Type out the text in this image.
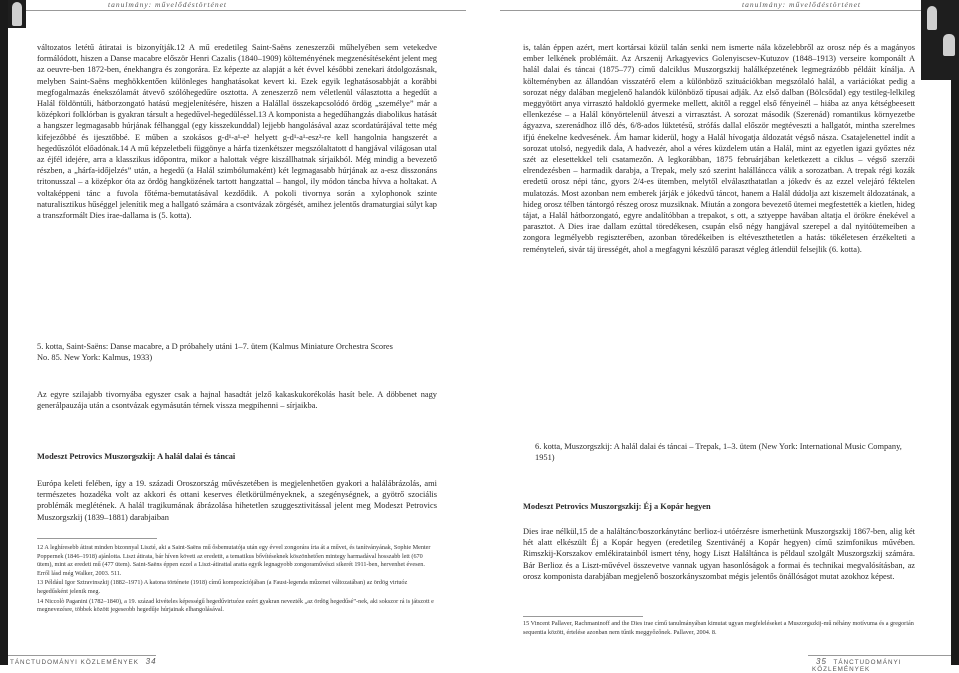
tanulmány: művelődéstörténet

változatos letétű átiratai is bizonyítják.12 A mű eredetileg Saint-Saëns zeneszerzői műhelyében sem vetekedve formálódott, hiszen a Danse macabre először Henri Cazalis (1840–1909) költeményének megzenésítéseként jelent meg az oeuvre-ben 1872-ben, énekhangra és zongorára. Ez képezte az alapját a két évvel későbbi zenekari átdolgozásnak, melyben Saint-Saëns meghökkentően különleges hanghatásokat kevert ki. Ezek egyik leghatásosabbját a korábbi megfogalmazás énekszólamát átvevő szólóhegedűre osztotta. A zeneszerző nem véletlenül választotta a hegedűt a Halál földöntúli, hátborzongató hatású megjelenítésére, hiszen a Halállal összekapcsolódó ördög „személye” már a középkori folklórban is gyakran társult a hegedűvel-hegedüléssel.13 A komponista a hegedűhangzás diabolikus hatását a hangszer legmagasabb húrjának félhanggal (egy kisszekunddal) lejjebb hangolásával azaz scordatúrájával tette még kifejezőbbé és ijesztőbbé. E műben a szokásos g-d¹-a¹-e² helyett g-d¹-a¹-esz²-re kell hangolnia hangszerét a hegedűszólót előadónak.14 A mű képzeletbeli függönye a hárfa tizenkétszer megszólaltatott d hangjával világosan utal az éjfél idejére, arra a klasszikus időpontra, mikor a halottak végre kiszállhatnak sírjaikból. Még mindig a bevezető részben, a „hárfa-időjelzés” után, a hegedű (a Halál szimbólumaként) két legmagasabb húrjának az a-esz disszonáns tritonusszal – a középkor óta az ördög hangközének tartott hangzattal – hangol, ily módon táncba hívva a holtakat. A voltaképpeni tánc a fuvola főtéma-bemutatásával kezdődik. A pokoli tivornya során a xylophonok szinte naturalisztikus hűséggel jelenítik meg a hallgató számára a csontvázak zörgését, amihez jelentős dramaturgiai súlyt kap a transzformált Dies irae-dallama is (5. kotta).

5. kotta, Saint-Saëns: Danse macabre, a D próbahely utáni 1–7. ütem (Kalmus Miniature Orchestra Scores No. 85. New York: Kalmus, 1933)

Az egyre szilajabb tivornyába egyszer csak a hajnal hasadtát jelző kakaskukorékolás hasít bele. A döbbenet nagy generálpauzája után a csontvázak egymásután térnek vissza megpihenni – sírjaikba.

Modeszt Petrovics Muszorgszkij: A halál dalai és táncai

Európa keleti felében, így a 19. századi Oroszország művészetében is megjelenhetően gyakori a halálábrázolás, ami természetes hozadéka volt az akkori és ottani keserves életkörülményeknek, a szegénységnek, a gyötrő szociális problémák meglétének. A halál tragikumának ábrázolása hihetetlen szuggesztivitással jelent meg Modeszt Petrovics Muszorgszkij (1839–1881) darabjaiban

12 A leghíresebb átirat minden bizonnyal Liszté, aki a Saint-Saëns mű ősbemutatója után egy évvel zongorára írta át a művet, és tanítványának, Sophie Menter Poppernek (1846–1918) ajánlotta. Liszt átirata, bár híven követi az eredetit, a tematikus bővítéseknek köszönhetően mintegy harmadával hosszabb lett (670 ütem), mint az eredeti mű (477 ütem). Saint-Saëns éppen ezzel a Liszt-átirattal aratta egyik legnagyobb zongoraművészi sikerét 1911-ben, hervenhet évesen. Erről lásd még Walker, 2003. 511.

13 Például Igor Sztravinszkij (1882–1971) A katona története (1918) című kompozíciójában (a Faust-legenda műzenei változatában) az ördög virtuóz hegedűsként jelenik meg.

14 Niccolò Paganini (1782–1840), a 19. század kivételes képességű hegedűvirtuóze ezért gyakran nevezték „az ördög hegedűsé”-nek, aki sokszor rá is játszott e megnevezésre, többek között jegeseobb hegedűje húrjainak elhangolásával.

TÁNCTUDOMÁNYI KÖZLEMÉNYEK 34
tanulmány: művelődéstörténet

is, talán éppen azért, mert kortársai közül talán senki nem ismerte nála közelebbről az orosz nép és a magányos ember lelkének problémáit. Az Arszenij Arkagyevics Golenyiscsev-Kutuzov (1848–1913) verseire komponált A halál dalai és táncai (1875–77) című dalciklus Muszorgszkij halálképzetének legmegrázóbb példáit kínálja. A költeményben az állandóan visszatérő elem a különböző szituációkban megszólaló halál, a variációkat pedig a sorozat négy dalában megjelenő halandók különböző típusai adják. Az első dalban (Bölcsődal) egy testileg-lelkileg meggyötört anya virrasztó haldokló gyermeke mellett, akitől a reggel első fényeinél – hiába az anya kétségbeesett ellenkezése – a Halál könyörtelenül átveszi a virrasztást. A sorozat második (Szerenád) romantikus környezetbe ágyazva, szerenádhoz illő dés, 6/8-ados lüktetésű, strófás dallal először megtéveszti a hallgatót, mintha szerelmes ifjú énekelne kedvesének. Ám hamar kiderül, hogy a Halál hívogatja áldozatát végső násza. Csatajelenettel indít a sorozat utolsó, negyedik dala, A hadvezér, ahol a véres küzdelem után a Halál, mint az egyetlen igazi győztes néz szét az elesettekkel teli csatamezőn. A legkorábban, 1875 februárjában keletkezett a ciklus – végső szerzői elrendezésben – harmadik darabja, a Trepak, mely szó szerint halálláncca válik a sorozatban. A trepak régi kozák eredetű orosz népi tánc, gyors 2/4-es ütemben, melytől elválaszthatatlan a jókedv és az ezzel velejáró féktelen mulatozás. Most azonban nem emberek járják e jókedvű táncot, hanem a Halál dúdolja azt kiszemelt áldozatának, a hideg orosz télben tántorgó részeg orosz muzsiknak. Miután a zongora bevezető ütemei megfestették a kietlen, hideg tájat, a Halál hátborzongató, egyre andalítóbban a trepakot, s ott, a sztyeppe havában altatja el örökre énekével a parasztot. A Dies irae dallam ezúttal töredékesen, csupán első négy hangjával szerepel a dal nyitóütemeiben a zongora legmélyebb regiszterében, azonban töredékeiben is eltéveszthetetlen a hatás: tökéletesen érzékelteti a reményteleń, sivár táj ürességét, ahol a megfagyni készülő paraszt végleg átlendül felsejlik (6. kotta).

6. kotta, Muszorgszkij: A halál dalai és táncai – Trepak, 1–3. ütem (New York: International Music Company, 1951)

Modeszt Petrovics Muszorgszkij: Éj a Kopár hegyen

Dies irae nélkül,15 de a haláltánc/boszorkánytánc berlioz-i utóérzésre ismerhetünk Muszorgszkij 1867-ben, alig két hét alatt elkészült Éj a Kopár hegyen (eredetileg Szentivánéj a Kopár hegyen) című szimfonikus művében. Rimszkij-Korszakov emlékiratainból ismert tény, hogy Liszt Haláltánca is példaul szolgált Muszorgszkij számára. Bár Berlioz és a Liszt-művével összevetve vannak ugyan hasonlóságok a formai és technikai megvalósításban, az orosz komponista darabjában megjelenő boszorkányszombat mégis jelentős önállóságot mutat azokhoz képest.

15 Vincent Pallaver, Rachmaninoff and the Dies irae című tanulmányában kimutat ugyan megfeleléseket a Muszorgszkij-mű néhány motívuma és a gregorián sequentia között, értelése azonban nem tűnik meggyőzőnek. Pallaver, 2004. 8.

35 TÁNCTUDOMÁNYI KÖZLEMÉNYEK
